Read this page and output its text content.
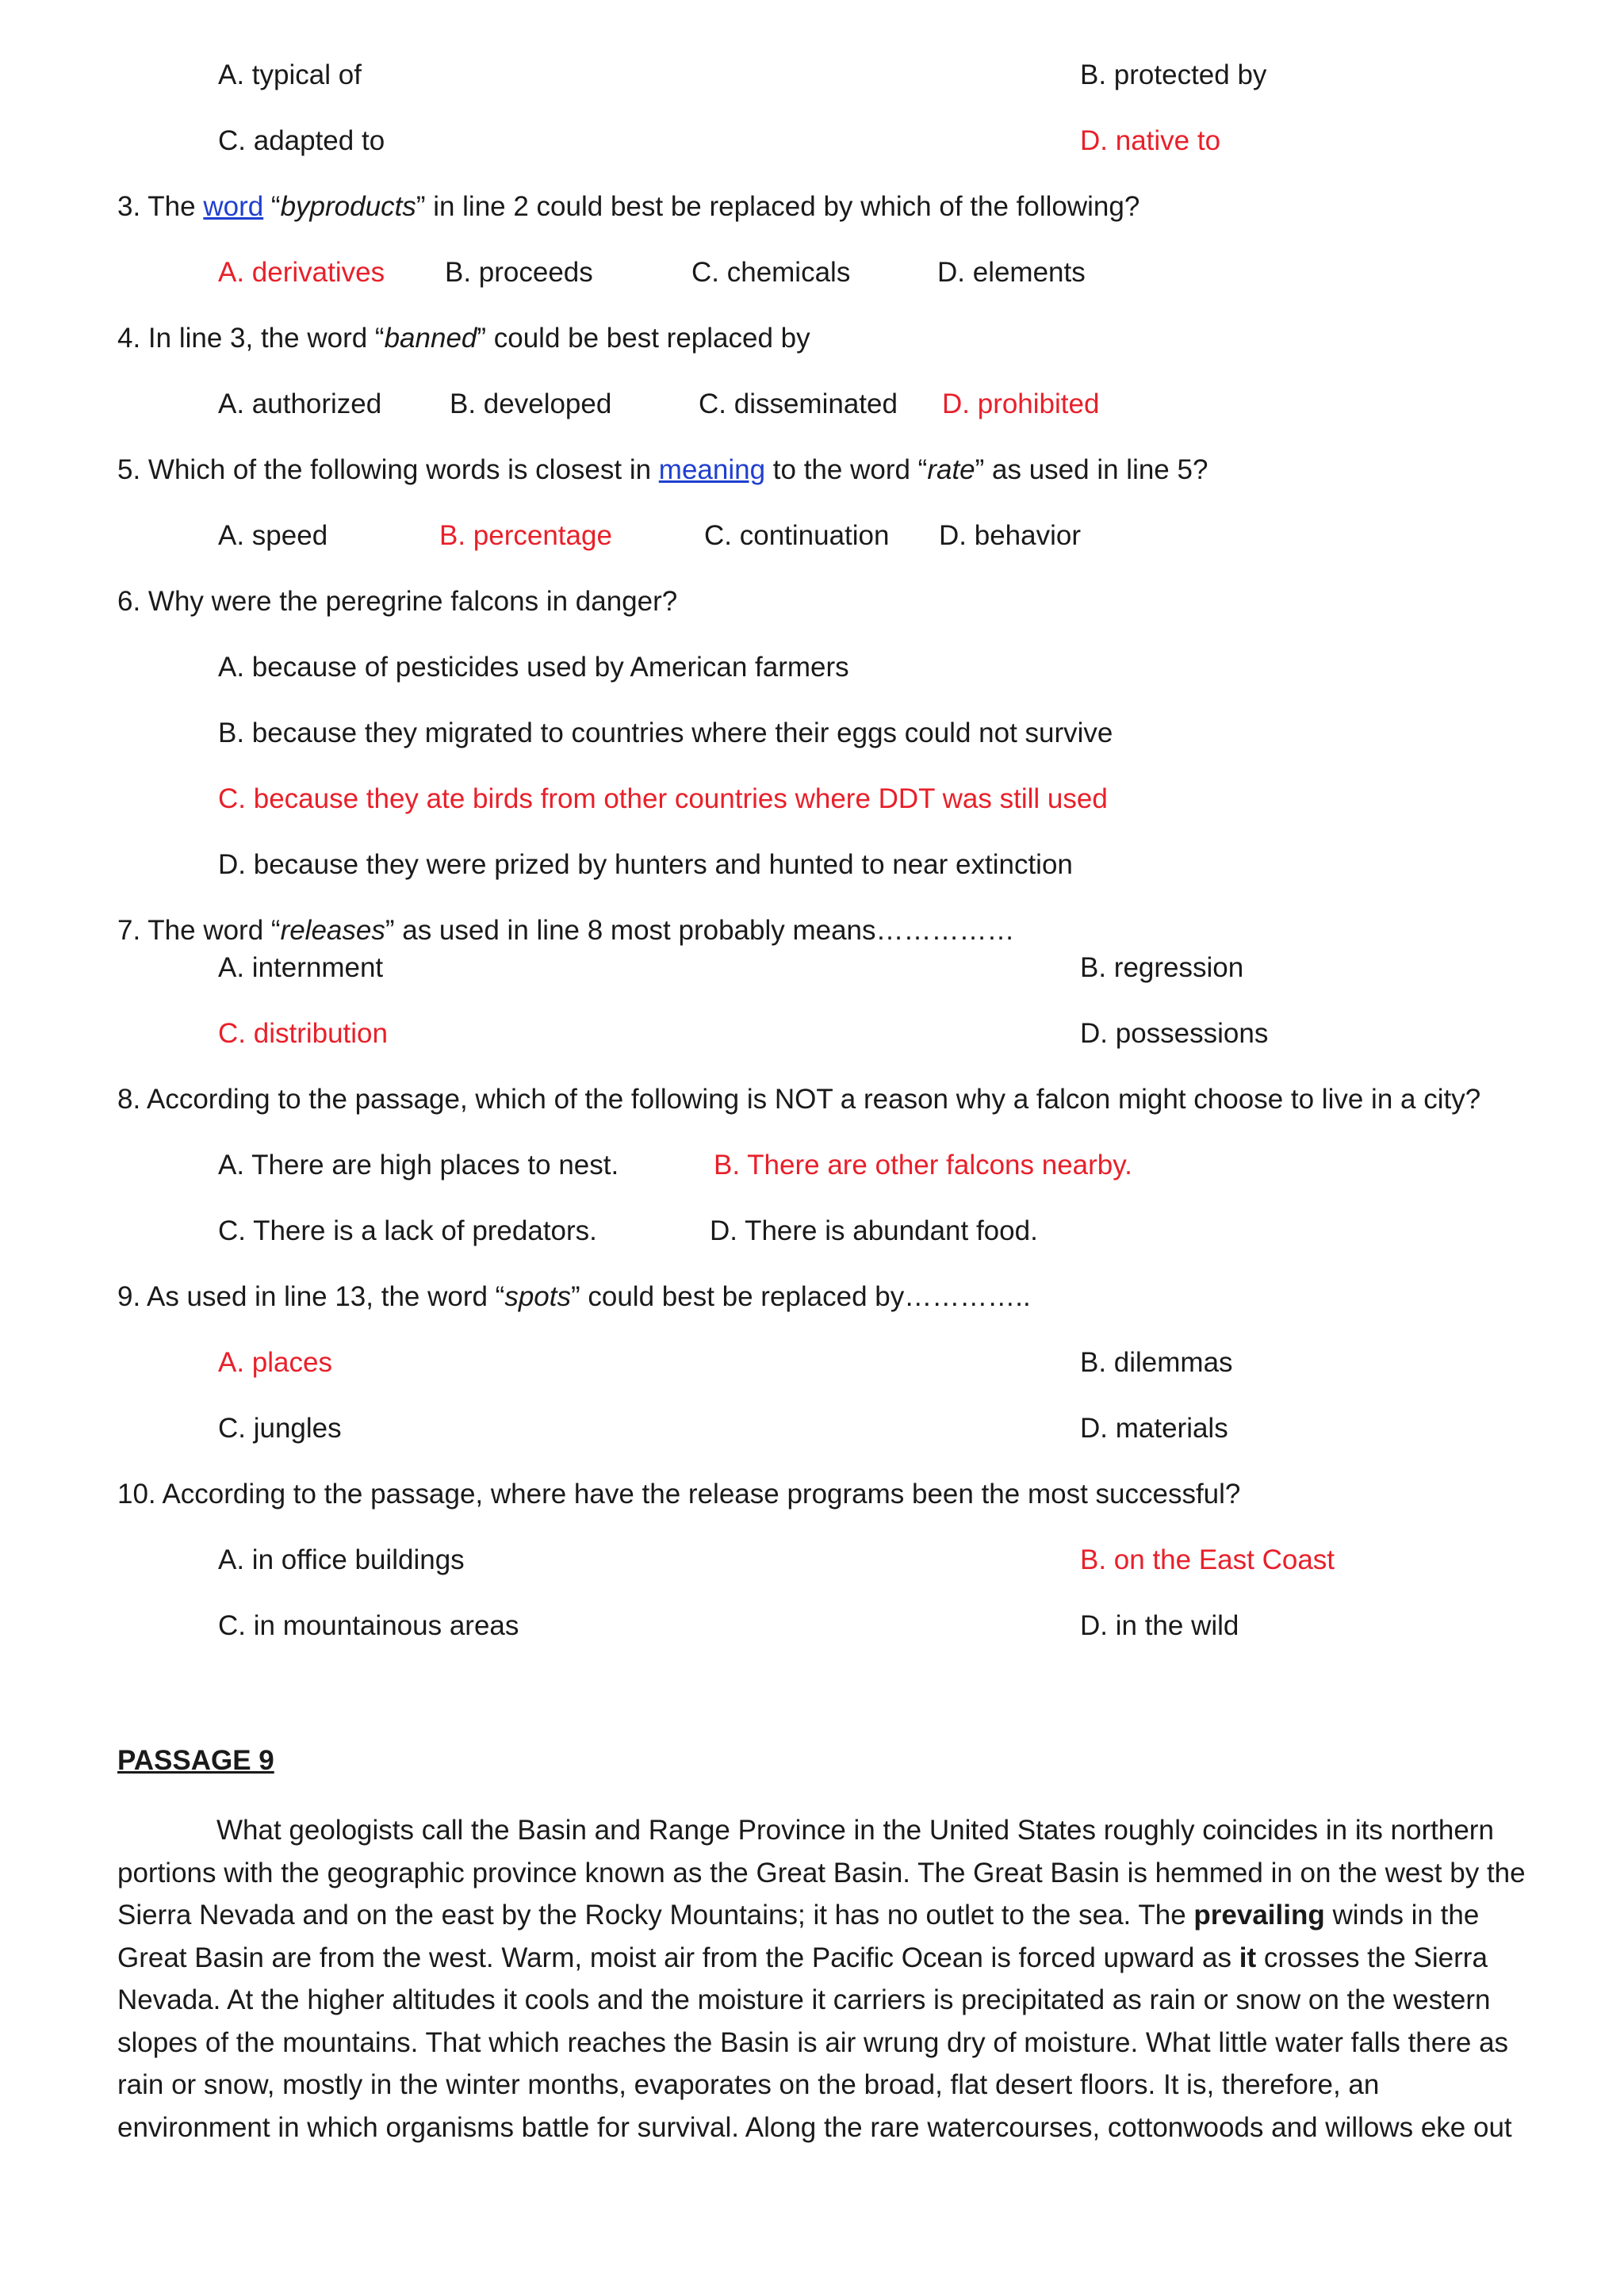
A. typical of	B. protected by
C. adapted to	D. native to
3. The word “byproducts” in line 2 could best be replaced by which of the following?
A. derivatives B. proceeds	C. chemicals	D. elements
4. In line 3, the word “banned” could be best replaced by
A. authorized B. developed	C. disseminated D. prohibited
5. Which of the following words is closest in meaning to the word “rate” as used in line 5?
A. speed	B. percentage	C. continuation D. behavior
6. Why were the peregrine falcons in danger?
A. because of pesticides used by American farmers
B. because they migrated to countries where their eggs could not survive
C. because they ate birds from other countries where DDT was still used
D. because they were prized by hunters and hunted to near extinction
7. The word “releases” as used in line 8 most probably means……………
A. internment	B. regression
C. distribution	D. possessions
8. According to the passage, which of the following is NOT a reason why a falcon might choose to live in a city?
A. There are high places to nest.	B. There are other falcons nearby.
C. There is a lack of predators.	D. There is abundant food.
9. As used in line 13, the word “spots” could best be replaced by…………..
A. places	B. dilemmas
C. jungles	D. materials
10. According to the passage, where have the release programs been the most successful?
A. in office buildings	B. on the East Coast
C. in mountainous areas	D. in the wild
PASSAGE 9
What geologists call the Basin and Range Province in the United States roughly coincides in its northern portions with the geographic province known as the Great Basin. The Great Basin is hemmed in on the west by the Sierra Nevada and on the east by the Rocky Mountains; it has no outlet to the sea. The prevailing winds in the Great Basin are from the west. Warm, moist air from the Pacific Ocean is forced upward as it crosses the Sierra Nevada. At the higher altitudes it cools and the moisture it carriers is precipitated as rain or snow on the western slopes of the mountains. That which reaches the Basin is air wrung dry of moisture. What little water falls there as rain or snow, mostly in the winter months, evaporates on the broad, flat desert floors. It is, therefore, an environment in which organisms battle for survival. Along the rare watercourses, cottonwoods and willows eke out
